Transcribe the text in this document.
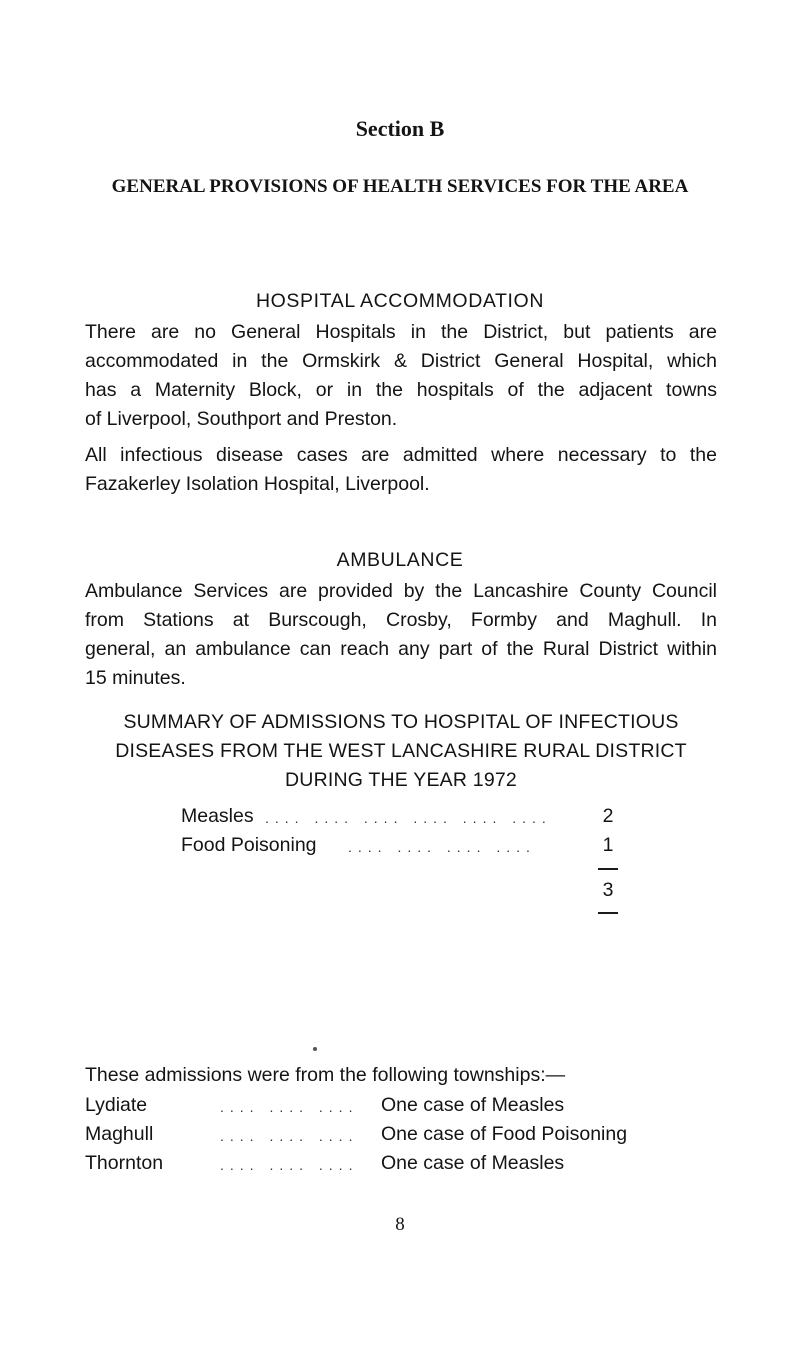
Section B
GENERAL PROVISIONS OF HEALTH SERVICES FOR THE AREA
HOSPITAL ACCOMMODATION
There are no General Hospitals in the District, but patients are
accommodated in the Ormskirk & District General Hospital, which
has a Maternity Block, or in the hospitals of the adjacent towns
of Liverpool, Southport and Preston.
All infectious disease cases are admitted where necessary to the
Fazakerley Isolation Hospital, Liverpool.
AMBULANCE
Ambulance Services are provided by the Lancashire County Council
from Stations at Burscough, Crosby, Formby and Maghull. In
general, an ambulance can reach any part of the Rural District within
15 minutes.
SUMMARY OF ADMISSIONS TO HOSPITAL OF INFECTIOUS
DISEASES FROM THE WEST LANCASHIRE RURAL DISTRICT
DURING THE YEAR 1972
Measles .... .... .... .... .... ....	2
Food Poisoning .... .... .... ....	1
3
These admissions were from the following townships:—
Lydiate	.... .... .... One case of Measles
Maghull	.... .... .... One case of Food Poisoning
Thornton	.... .... .... One case of Measles
8
